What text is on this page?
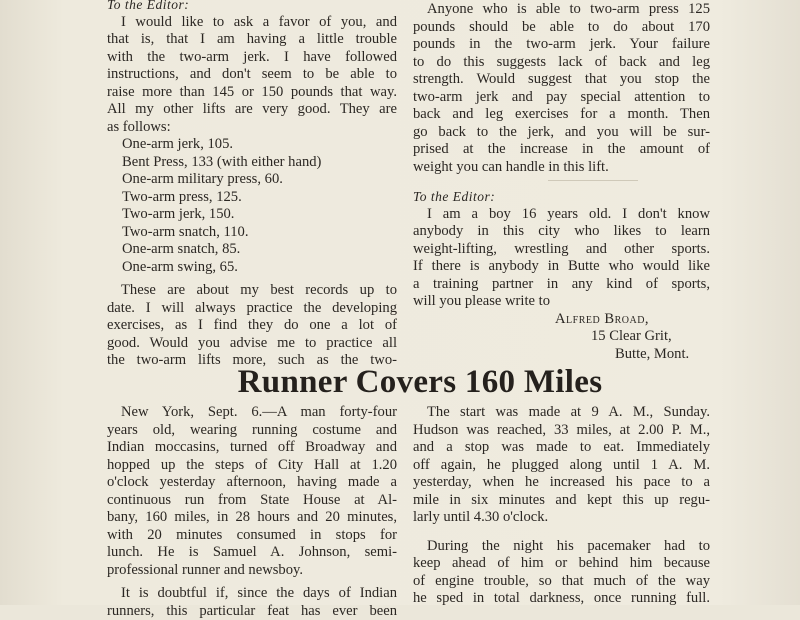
To the Editor:
I would like to ask a favor of you, and
that is, that I am having a little trouble
with the two-arm jerk. I have followed
instructions, and don't seem to be able to
raise more than 145 or 150 pounds that way.
All my other lifts are very good. They are
as follows:
One-arm jerk, 105.
Bent Press, 133 (with either hand)
One-arm military press, 60.
Two-arm press, 125.
Two-arm jerk, 150.
Two-arm snatch, 110.
One-arm snatch, 85.
One-arm swing, 65.
These are about my best records up to
date. I will always practice the developing
exercises, as I find they do one a lot of
good. Would you advise me to practice all
the two-arm lifts more, such as the two-
Anyone who is able to two-arm press 125
pounds should be able to do about 170
pounds in the two-arm jerk. Your failure
to do this suggests lack of back and leg
strength. Would suggest that you stop the
two-arm jerk and pay special attention to
back and leg exercises for a month. Then
go back to the jerk, and you will be sur-
prised at the increase in the amount of
weight you can handle in this lift.
To the Editor:
I am a boy 16 years old. I don't know
anybody in this city who likes to learn
weight-lifting, wrestling and other sports.
If there is anybody in Butte who would like
a training partner in any kind of sports,
will you please write to
Alfred Broad,
15 Clear Grit,
Butte, Mont.
Runner Covers 160 Miles
New York, Sept. 6.—A man forty-four
years old, wearing running costume and
Indian moccasins, turned off Broadway and
hopped up the steps of City Hall at 1.20
o'clock yesterday afternoon, having made a
continuous run from State House at Al-
bany, 160 miles, in 28 hours and 20 minutes,
with 20 minutes consumed in stops for
lunch. He is Samuel A. Johnson, semi-
professional runner and newsboy.
It is doubtful if, since the days of Indian
runners, this particular feat has ever been
The start was made at 9 A. M., Sunday.
Hudson was reached, 33 miles, at 2.00 P. M.,
and a stop was made to eat. Immediately
off again, he plugged along until 1 A. M.
yesterday, when he increased his pace to a
mile in six minutes and kept this up regu-
larly until 4.30 o'clock.
During the night his pacemaker had to
keep ahead of him or behind him because
of engine trouble, so that much of the way
he sped in total darkness, once running full.
